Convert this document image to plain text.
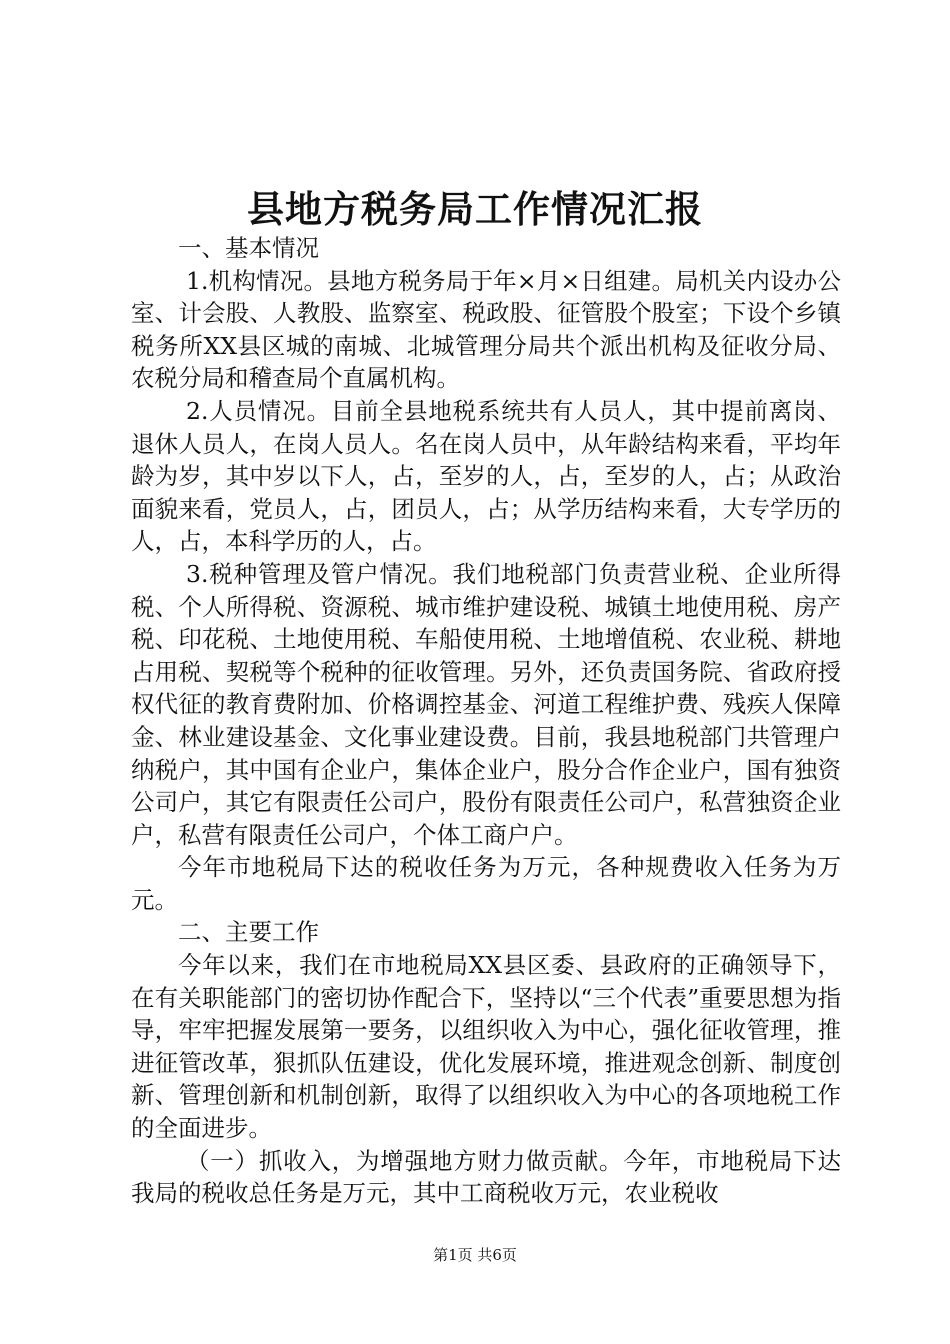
县地方税务局工作情况汇报

一、基本情况

1.机构情况。县地方税务局于年×月×日组建。局机关内设办公室、计会股、人教股、监察室、税政股、征管股个股室；下设个乡镇税务所XX县区城的南城、北城管理分局共个派出机构及征收分局、农税分局和稽查局个直属机构。

2.人员情况。目前全县地税系统共有人员人，其中提前离岗、退休人员人，在岗人员人。名在岗人员中，从年龄结构来看，平均年龄为岁，其中岁以下人，占，至岁的人，占，至岁的人，占；从政治面貌来看，党员人，占，团员人，占；从学历结构来看，大专学历的人，占，本科学历的人，占。

3.税种管理及管户情况。我们地税部门负责营业税、企业所得税、个人所得税、资源税、城市维护建设税、城镇土地使用税、房产税、印花税、土地使用税、车船使用税、土地增值税、农业税、耕地占用税、契税等个税种的征收管理。另外，还负责国务院、省政府授权代征的教育费附加、价格调控基金、河道工程维护费、残疾人保障金、林业建设基金、文化事业建设费。目前，我县地税部门共管理户纳税户，其中国有企业户，集体企业户，股分合作企业户，国有独资公司户，其它有限责任公司户，股份有限责任公司户，私营独资企业户，私营有限责任公司户，个体工商户户。

今年市地税局下达的税收任务为万元，各种规费收入任务为万元。

二、主要工作

今年以来，我们在市地税局XX县区委、县政府的正确领导下，在有关职能部门的密切协作配合下，坚持以“三个代表”重要思想为指导，牢牢把握发展第一要务，以组织收入为中心，强化征收管理，推进征管改革，狠抓队伍建设，优化发展环境，推进观念创新、制度创新、管理创新和机制创新，取得了以组织收入为中心的各项地税工作的全面进步。

（一）抓收入，为增强地方财力做贡献。今年，市地税局下达我局的税收总任务是万元，其中工商税收万元，农业税收

第1页 共6页
